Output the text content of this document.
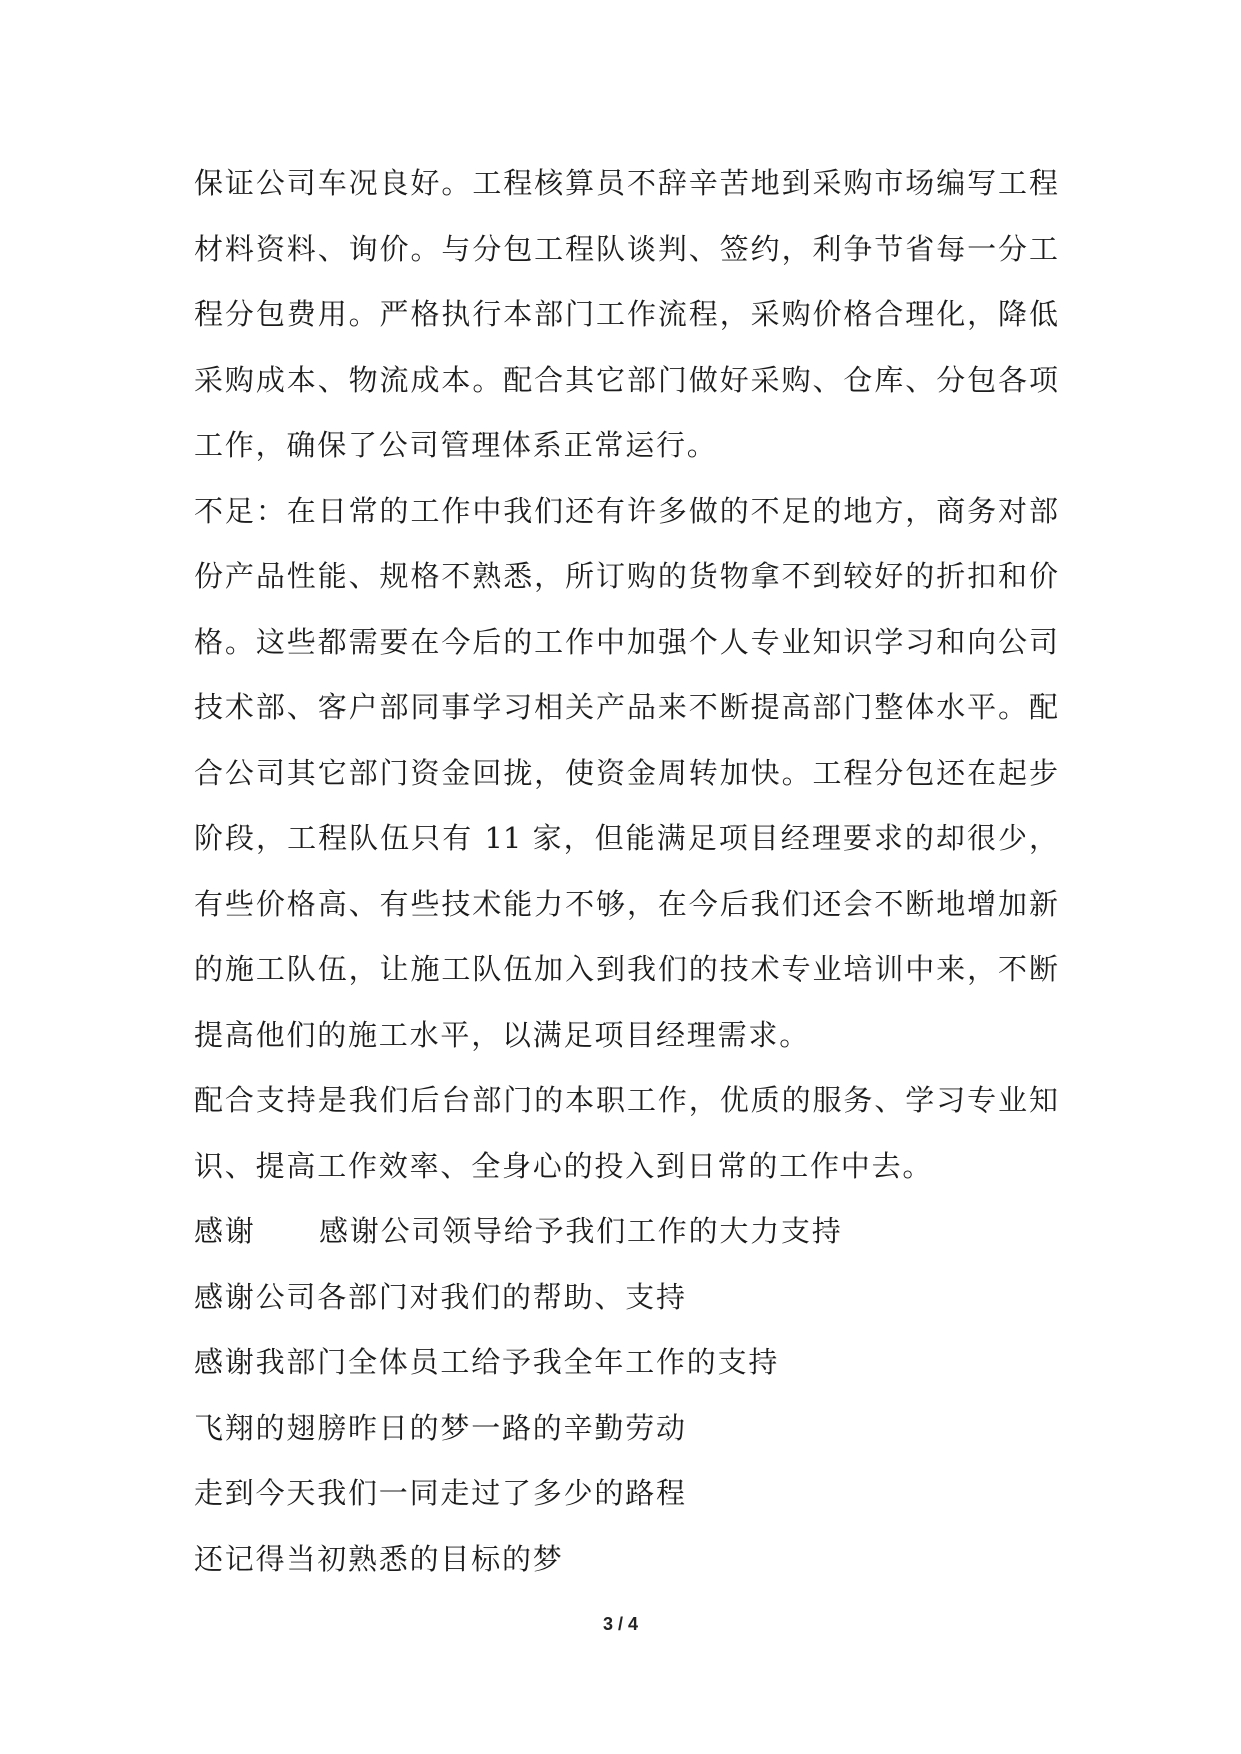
保证公司车况良好。工程核算员不辞辛苦地到采购市场编写工程
材料资料、询价。与分包工程队谈判、签约，利争节省每一分工
程分包费用。严格执行本部门工作流程，采购价格合理化，降低
采购成本、物流成本。配合其它部门做好采购、仓库、分包各项
工作，确保了公司管理体系正常运行。
不足：在日常的工作中我们还有许多做的不足的地方，商务对部
份产品性能、规格不熟悉，所订购的货物拿不到较好的折扣和价
格。这些都需要在今后的工作中加强个人专业知识学习和向公司
技术部、客户部同事学习相关产品来不断提高部门整体水平。配
合公司其它部门资金回拢，使资金周转加快。工程分包还在起步
阶段，工程队伍只有 11 家，但能满足项目经理要求的却很少，
有些价格高、有些技术能力不够，在今后我们还会不断地增加新
的施工队伍，让施工队伍加入到我们的技术专业培训中来，不断
提高他们的施工水平，以满足项目经理需求。
配合支持是我们后台部门的本职工作，优质的服务、学习专业知
识、提高工作效率、全身心的投入到日常的工作中去。
感谢 感谢公司领导给予我们工作的大力支持
感谢公司各部门对我们的帮助、支持
感谢我部门全体员工给予我全年工作的支持
飞翔的翅膀昨日的梦一路的辛勤劳动
走到今天我们一同走过了多少的路程
还记得当初熟悉的目标的梦
3 / 4
